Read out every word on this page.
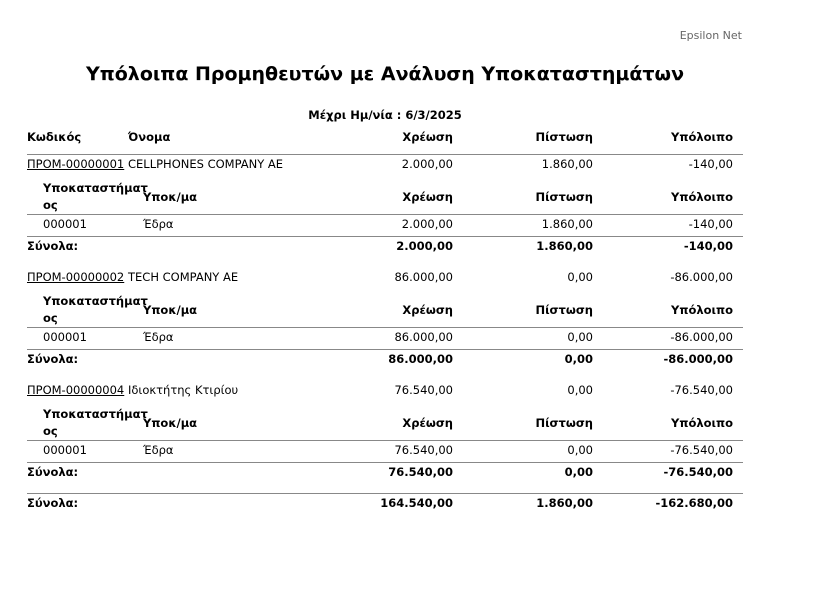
Epsilon Net
Υπόλοιπα Προμηθευτών με Ανάλυση Υποκαταστημάτων
Μέχρι Ημ/νία : 6/3/2025
Κωδικός	Όνομα	Χρέωση	Πίστωση	Υπόλοιπο
ΠΡΟΜ-00000001 CELLPHONES COMPANY AE	2.000,00	1.860,00	-140,00
Υποκαταστήματ
ος
Υποκ/μα	Χρέωση	Πίστωση	Υπόλοιπο
000001	Έδρα	2.000,00	1.860,00	-140,00
Σύνολα:	2.000,00	1.860,00	-140,00
ΠΡΟΜ-00000002 TECH COMPANY AE	86.000,00	0,00	-86.000,00
Υποκαταστήματ
ος
Υποκ/μα	Χρέωση	Πίστωση	Υπόλοιπο
000001	Έδρα	86.000,00	0,00	-86.000,00
Σύνολα:	86.000,00	0,00	-86.000,00
ΠΡΟΜ-00000004 Ιδιοκτήτης Κτιρίου	76.540,00	0,00	-76.540,00
Υποκαταστήματ
ος
Υποκ/μα	Χρέωση	Πίστωση	Υπόλοιπο
000001	Έδρα	76.540,00	0,00	-76.540,00
Σύνολα:	76.540,00	0,00	-76.540,00
Σύνολα:	164.540,00	1.860,00	-162.680,00
